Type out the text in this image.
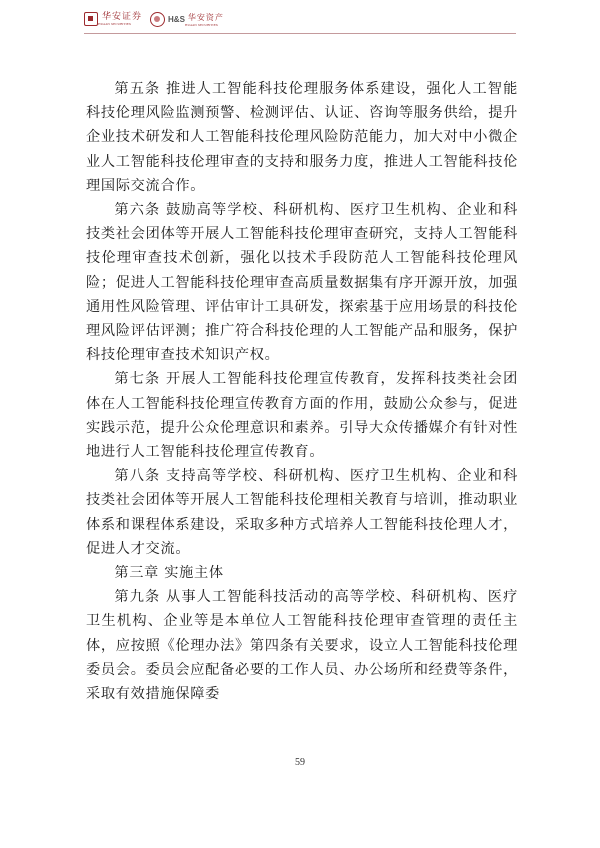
华安证券
HUAAN SECURITIES
H&S 华安资产
HUAAN SECURITIES

第五条 推进人工智能科技伦理服务体系建设，强化人工智能科技伦理风险监测预警、检测评估、认证、咨询等服务供给，提升企业技术研发和人工智能科技伦理风险防范能力，加大对中小微企业人工智能科技伦理审查的支持和服务力度，推进人工智能科技伦理国际交流合作。

第六条 鼓励高等学校、科研机构、医疗卫生机构、企业和科技类社会团体等开展人工智能科技伦理审查研究，支持人工智能科技伦理审查技术创新，强化以技术手段防范人工智能科技伦理风险；促进人工智能科技伦理审查高质量数据集有序开源开放，加强通用性风险管理、评估审计工具研发，探索基于应用场景的科技伦理风险评估评测；推广符合科技伦理的人工智能产品和服务，保护科技伦理审查技术知识产权。

第七条 开展人工智能科技伦理宣传教育，发挥科技类社会团体在人工智能科技伦理宣传教育方面的作用，鼓励公众参与，促进实践示范，提升公众伦理意识和素养。引导大众传播媒介有针对性地进行人工智能科技伦理宣传教育。

第八条 支持高等学校、科研机构、医疗卫生机构、企业和科技类社会团体等开展人工智能科技伦理相关教育与培训，推动职业体系和课程体系建设，采取多种方式培养人工智能科技伦理人才，促进人才交流。

第三章 实施主体

第九条 从事人工智能科技活动的高等学校、科研机构、医疗卫生机构、企业等是本单位人工智能科技伦理审查管理的责任主体，应按照《伦理办法》第四条有关要求，设立人工智能科技伦理委员会。委员会应配备必要的工作人员、办公场所和经费等条件，采取有效措施保障委

59
